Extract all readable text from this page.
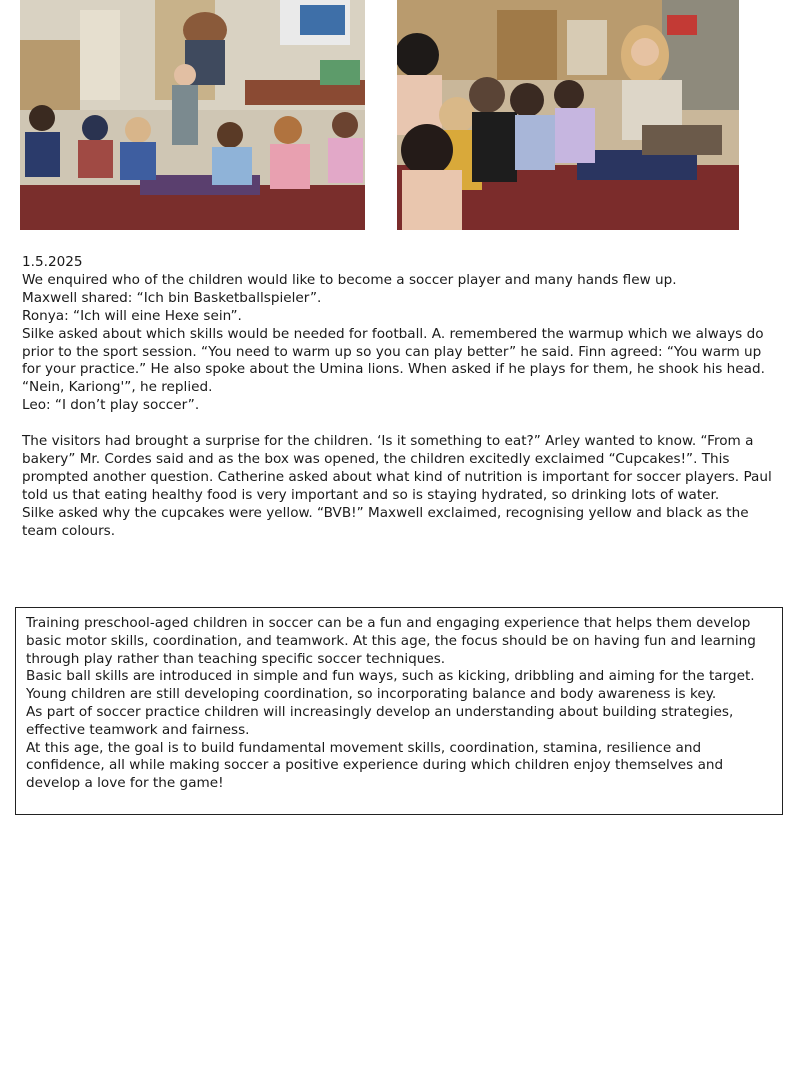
1.5.2025

We enquired who of the children would like to become a soccer player and many hands flew up.

Maxwell shared: “Ich bin Basketballspieler”.

Ronya: “Ich will eine Hexe sein”.

Silke asked about which skills would be needed for football. A. remembered the warmup which we always do prior to the sport session. “You need to warm up so you can play better” he said. Finn agreed: “You warm up for your practice.” He also spoke about the Umina lions. When asked if he plays for them, he shook his head. “Nein, Kariong'”, he replied.

Leo: “I don’t play soccer”.

The visitors had brought a surprise for the children. ‘Is it something to eat?” Arley wanted to know. “From a bakery” Mr. Cordes said and as the box was opened, the children excitedly exclaimed “Cupcakes!”. This prompted another question. Catherine asked about what kind of nutrition is important for soccer players. Paul told us that eating healthy food is very important and so is staying hydrated, so drinking lots of water.

Silke asked why the cupcakes were yellow. “BVB!” Maxwell exclaimed, recognising yellow and black as the team colours.

Training preschool-aged children in soccer can be a fun and engaging experience that helps them develop basic motor skills, coordination, and teamwork. At this age, the focus should be on having fun and learning through play rather than teaching specific soccer techniques.

Basic ball skills are introduced in simple and fun ways, such as kicking, dribbling and aiming for the target. Young children are still developing coordination, so incorporating balance and body awareness is key.

As part of soccer practice children will increasingly develop an understanding about building strategies, effective teamwork and fairness.

At this age, the goal is to build fundamental movement skills, coordination, stamina, resilience and confidence, all while making soccer a positive experience during which children enjoy themselves and develop a love for the game!
